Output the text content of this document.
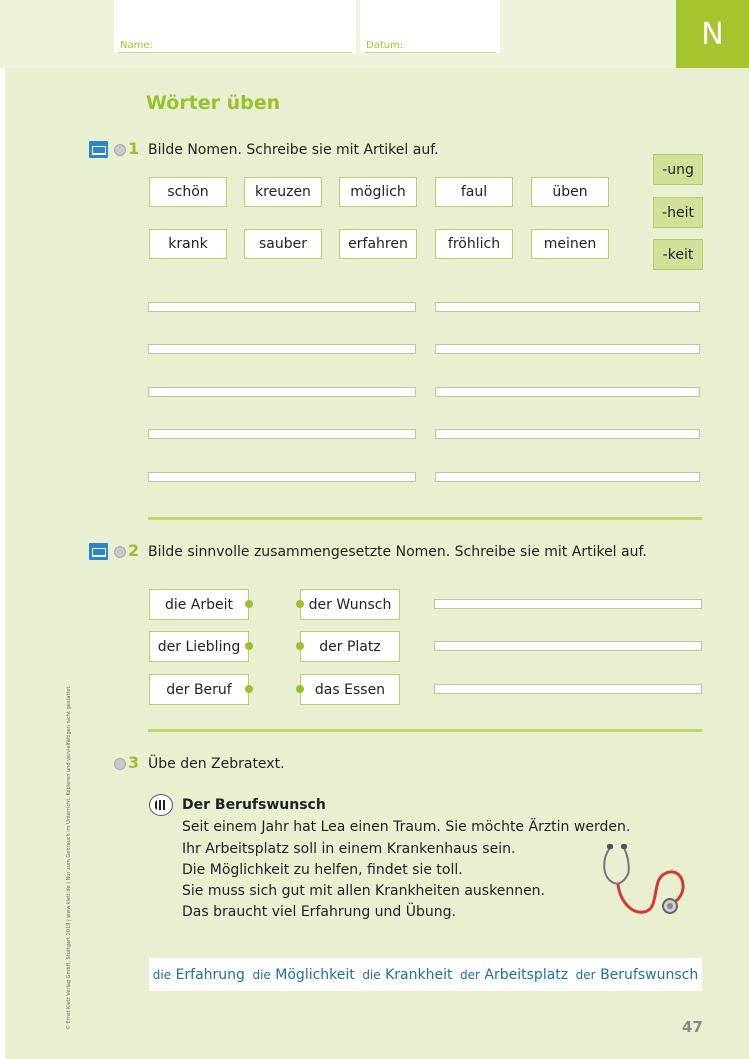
Name:	Datum:	N
Wörter üben
1 Bilde Nomen. Schreibe sie mit Artikel auf.
schön	kreuzen	möglich	faul	üben
krank	sauber	erfahren	fröhlich	meinen
-ung
-heit
-keit
2 Bilde sinnvolle zusammengesetzte Nomen. Schreibe sie mit Artikel auf.
die Arbeit
der Liebling
der Beruf
der Wunsch
der Platz
das Essen
3 Übe den Zebratext.
Der Berufswunsch
Seit einem Jahr hat Lea einen Traum. Sie möchte Ärztin werden.
Ihr Arbeitsplatz soll in einem Krankenhaus sein.
Die Möglichkeit zu helfen, findet sie toll.
Sie muss sich gut mit allen Krankheiten auskennen.
Das braucht viel Erfahrung und Übung.
die Erfahrung die Möglichkeit die Krankheit der Arbeitsplatz der Berufswunsch
© Ernst Klett Verlag GmbH, Stuttgart 2019 | www.klett.de | Nur zum Gebrauch im Unterricht. Kopieren und vervielfältigen nicht gestattet.	47
